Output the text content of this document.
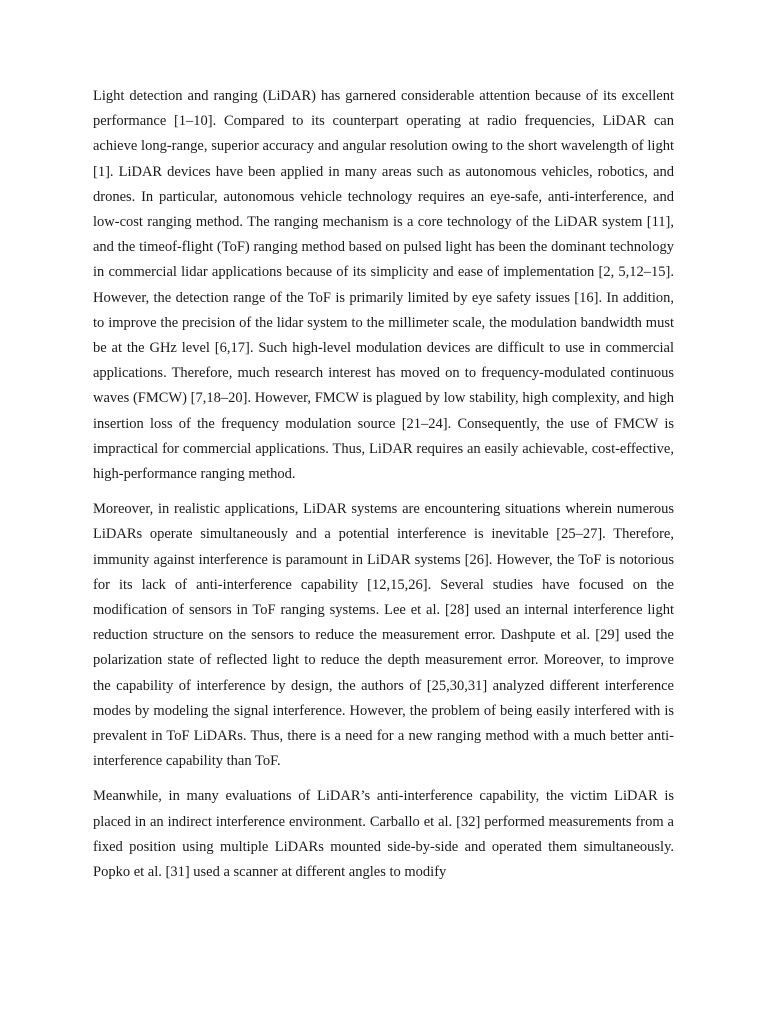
Light detection and ranging (LiDAR) has garnered considerable attention because of its excellent performance [1–10]. Compared to its counterpart operating at radio frequencies, LiDAR can achieve long-range, superior accuracy and angular resolution owing to the short wavelength of light [1]. LiDAR devices have been applied in many areas such as autonomous vehicles, robotics, and drones. In particular, autonomous vehicle technology requires an eye-safe, anti-interference, and low-cost ranging method. The ranging mechanism is a core technology of the LiDAR system [11], and the timeof-flight (ToF) ranging method based on pulsed light has been the dominant technology in commercial lidar applications because of its simplicity and ease of implementation [2, 5,12–15]. However, the detection range of the ToF is primarily limited by eye safety issues [16]. In addition, to improve the precision of the lidar system to the millimeter scale, the modulation bandwidth must be at the GHz level [6,17]. Such high-level modulation devices are difficult to use in commercial applications. Therefore, much research interest has moved on to frequency-modulated continuous waves (FMCW) [7,18–20]. However, FMCW is plagued by low stability, high complexity, and high insertion loss of the frequency modulation source [21–24]. Consequently, the use of FMCW is impractical for commercial applications. Thus, LiDAR requires an easily achievable, cost-effective, high-performance ranging method.

Moreover, in realistic applications, LiDAR systems are encountering situations wherein numerous LiDARs operate simultaneously and a potential interference is inevitable [25–27]. Therefore, immunity against interference is paramount in LiDAR systems [26]. However, the ToF is notorious for its lack of anti-interference capability [12,15,26]. Several studies have focused on the modification of sensors in ToF ranging systems. Lee et al. [28] used an internal interference light reduction structure on the sensors to reduce the measurement error. Dashpute et al. [29] used the polarization state of reflected light to reduce the depth measurement error. Moreover, to improve the capability of interference by design, the authors of [25,30,31] analyzed different interference modes by modeling the signal interference. However, the problem of being easily interfered with is prevalent in ToF LiDARs. Thus, there is a need for a new ranging method with a much better anti-interference capability than ToF.

Meanwhile, in many evaluations of LiDAR’s anti-interference capability, the victim LiDAR is placed in an indirect interference environment. Carballo et al. [32] performed measurements from a fixed position using multiple LiDARs mounted side-by-side and operated them simultaneously. Popko et al. [31] used a scanner at different angles to modify
